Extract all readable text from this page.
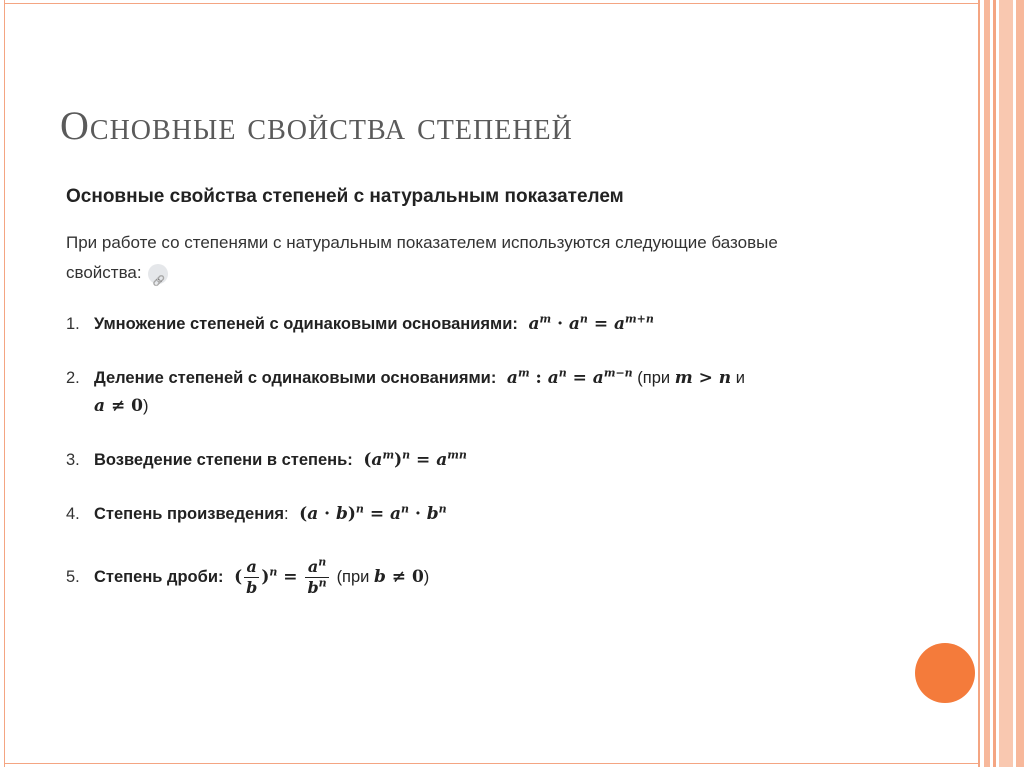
Основные свойства степеней
Основные свойства степеней с натуральным показателем
При работе со степенями с натуральным показателем используются следующие базовые свойства:🔗
1. Умножение степеней с одинаковыми основаниями: $a^m \cdot a^n = a^{m+n}$
2. Деление степеней с одинаковыми основаниями: $a^m$ : $a^n = a^{m-n}$ (при m > n и
a ≠ 0)
3. Возведение степени в степень: $(a^m)^n = a^{mn}$
4. Степень произведения: $(a \cdot b)^n = a^n \cdot b^n$
5. Степень дроби: ( $\frac{a}{b} )^n = \frac{a^n}{b^n} (при$ b ≠ 0)
